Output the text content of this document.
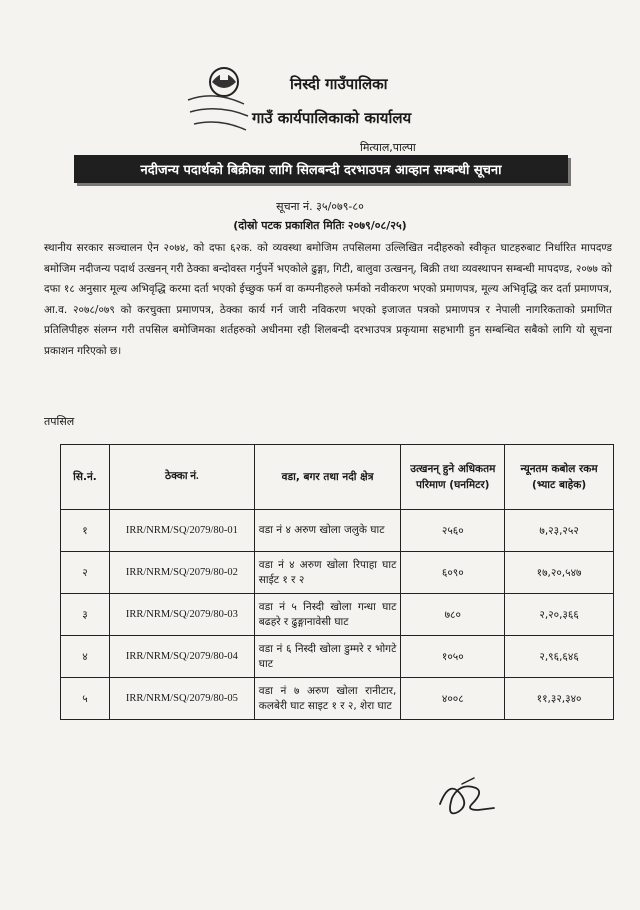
निस्दी गाउँपालिका
गाउँ कार्यपालिकाको कार्यालय
मित्याल,पाल्पा
नदीजन्य पदार्थको बिक्रीका लागि सिलबन्दी दरभाउपत्र आव्हान सम्बन्धी सूचना
सूचना नं. ३५/०७९-८०
(दोस्रो पटक प्रकाशित मितिः २०७९/०८/२५)
स्थानीय सरकार सञ्चालन ऐन २०७४, को दफा ६२क. को व्यवस्था बमोजिम तपसिलमा उल्लिखित नदीहरुको स्वीकृत घाटहरुबाट निर्धारित मापदण्ड बमोजिम नदीजन्य पदार्थ उत्खनन् गरी ठेक्का बन्दोवस्त गर्नुपर्ने भएकोले ढुङ्गा, गिटी, बालुवा उत्खनन्, बिक्री तथा व्यवस्थापन सम्बन्धी मापदण्ड, २०७७ को दफा १८ अनुसार मूल्य अभिवृद्धि करमा दर्ता भएको ईच्छुक फर्म वा कम्पनीहरुले फर्मको नवीकरण भएको प्रमाणपत्र, मूल्य अभिवृद्धि कर दर्ता प्रमाणपत्र, आ.व. २०७८/०७९ को करचुक्ता प्रमाणपत्र, ठेक्का कार्य गर्न जारी नविकरण भएको इजाजत पत्रको प्रमाणपत्र र नेपाली नागरिकताको प्रमाणित प्रतिलिपीहरु संलग्न गरी तपसिल बमोजिमका शर्तहरुको अधीनमा रही शिलबन्दी दरभाउपत्र प्रकृयामा सहभागी हुन सम्बन्धित सबैको लागि यो सूचना प्रकाशन गरिएको छ।
तपसिल
सि.नं.	ठेक्का नं.	वडा, बगर तथा नदी क्षेत्र	उत्खनन् हुने अधिकतम परिमाण (घनमिटर)	न्यूनतम कबोल रकम (भ्याट बाहेक)
१	IRR/NRM/SQ/2079/80-01	वडा नं ४ अरुण खोला जलुके घाट	२५६०	७,२३,२५२
२	IRR/NRM/SQ/2079/80-02	वडा नं ४ अरुण खोला रिपाहा घाट साईट १ र २	६०९०	१७,२०,५४७
३	IRR/NRM/SQ/2079/80-03	वडा नं ५ निस्दी खोला गन्धा घाट बढहरे र ढुङ्गानावेसी घाट	७८०	२,२०,३६६
४	IRR/NRM/SQ/2079/80-04	वडा नं ६ निस्दी खोला डुम्मरे र भोगटे घाट	१०५०	२,९६,६४६
५	IRR/NRM/SQ/2079/80-05	वडा नं ७ अरुण खोला रानीटार, कलबेरी घाट साइट १ र २, शेरा घाट	४००८	११,३२,३४०
